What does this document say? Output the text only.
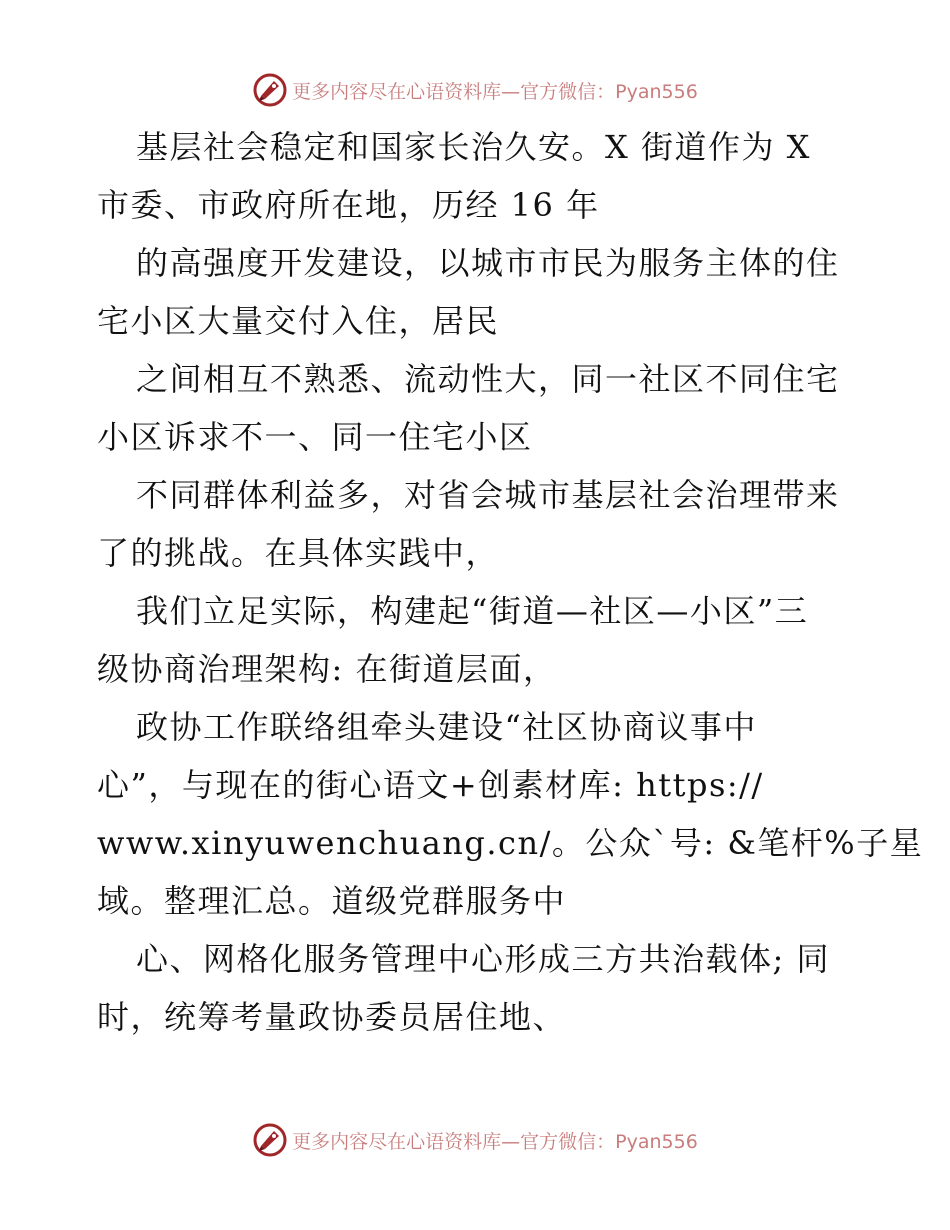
更多内容尽在心语资料库—官方微信：Pyan556
基层社会稳定和国家长治久安。X 街道作为 X
市委、市政府所在地，历经 16 年
的高强度开发建设，以城市市民为服务主体的住
宅小区大量交付入住，居民
之间相互不熟悉、流动性大，同一社区不同住宅
小区诉求不一、同一住宅小区
不同群体利益多，对省会城市基层社会治理带来
了的挑战。在具体实践中，
我们立足实际，构建起“街道—社区—小区”三
级协商治理架构: 在街道层面，
政协工作联络组牵头建设“社区协商议事中
心”，与现在的街心语文+创素材库: https://
www.xinyuwenchuang.cn/。公众`号: &笔杆%子星
域。整理汇总。道级党群服务中
心、网格化服务管理中心形成三方共治载体; 同
时，统筹考量政协委员居住地、
更多内容尽在心语资料库—官方微信：Pyan556
